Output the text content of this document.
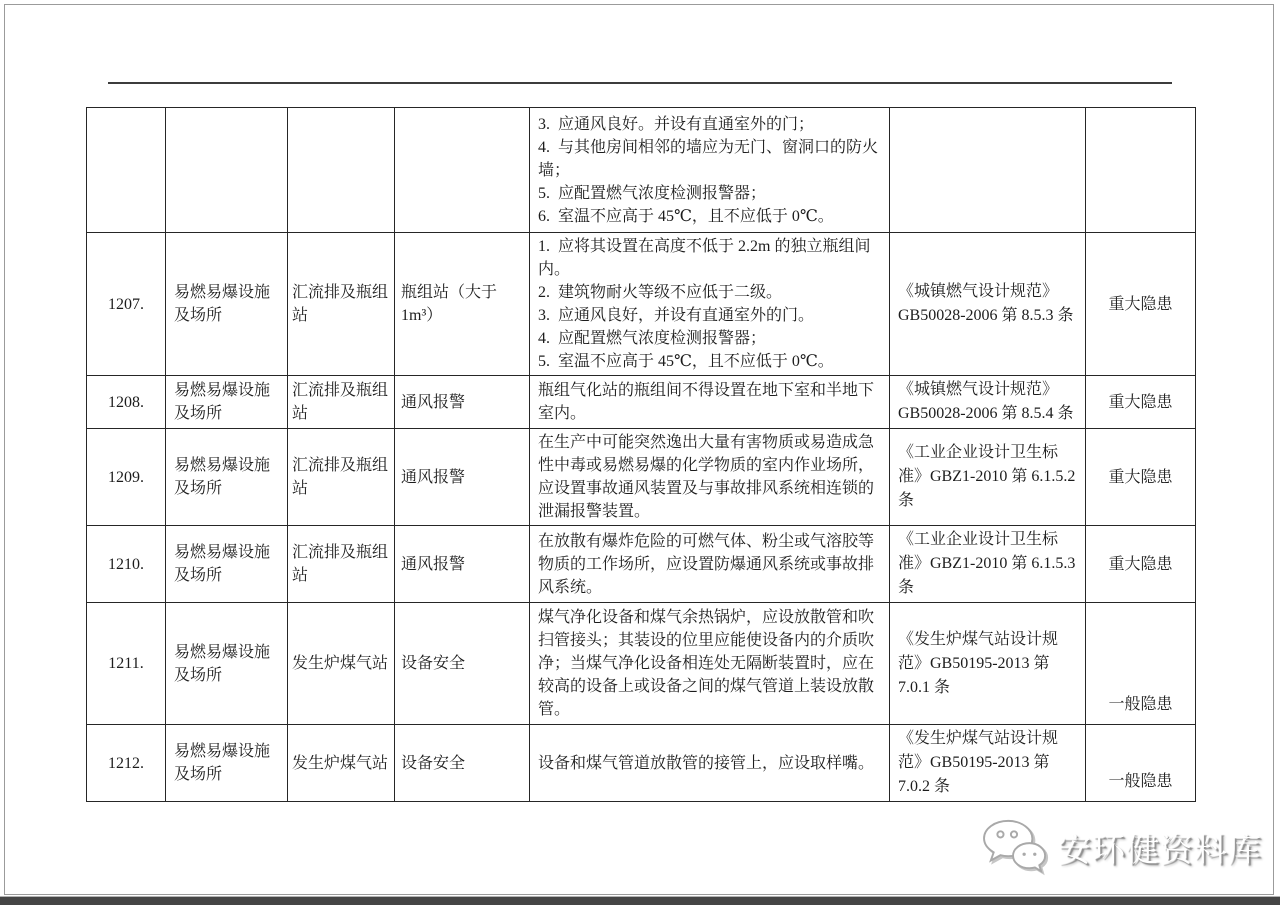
				3.  应通风良好。并设有直通室外的门；
4.  与其他房间相邻的墙应为无门、窗洞口的防火墙；
5.  应配置燃气浓度检测报警器；
6.  室温不应高于 45℃，且不应低于 0℃。		

1207.	易燃易爆设施及场所	汇流排及瓶组站	瓶组站（大于 1m³）	1.  应将其设置在高度不低于 2.2m 的独立瓶组间内。
2.  建筑物耐火等级不应低于二级。
3.  应通风良好，并设有直通室外的门。
4.  应配置燃气浓度检测报警器；
5.  室温不应高于 45℃，且不应低于 0℃。	《城镇燃气设计规范》GB50028-2006 第 8.5.3 条	重大隐患
1208.	易燃易爆设施及场所	汇流排及瓶组站	通风报警	瓶组气化站的瓶组间不得设置在地下室和半地下室内。	《城镇燃气设计规范》GB50028-2006 第 8.5.4 条	重大隐患
1209.	易燃易爆设施及场所	汇流排及瓶组站	通风报警	在生产中可能突然逸出大量有害物质或易造成急性中毒或易燃易爆的化学物质的室内作业场所，应设置事故通风装置及与事故排风系统相连锁的泄漏报警装置。	《工业企业设计卫生标准》GBZ1-2010 第 6.1.5.2 条	重大隐患
1210.	易燃易爆设施及场所	汇流排及瓶组站	通风报警	在放散有爆炸危险的可燃气体、粉尘或气溶胶等物质的工作场所，应设置防爆通风系统或事故排风系统。	《工业企业设计卫生标准》GBZ1-2010 第 6.1.5.3 条	重大隐患
1211.	易燃易爆设施及场所	发生炉煤气站	设备安全	煤气净化设备和煤气余热锅炉，应设放散管和吹扫管接头；其装设的位里应能使设备内的介质吹净；当煤气净化设备相连处无隔断装置时，应在较高的设备上或设备之间的煤气管道上装设放散管。	《发生炉煤气站设计规范》GB50195-2013 第 7.0.1 条	一般隐患
1212.	易燃易爆设施及场所	发生炉煤气站	设备安全	设备和煤气管道放散管的接管上，应设取样嘴。	《发生炉煤气站设计规范》GB50195-2013 第 7.0.2 条	一般隐患
安环健资料库
